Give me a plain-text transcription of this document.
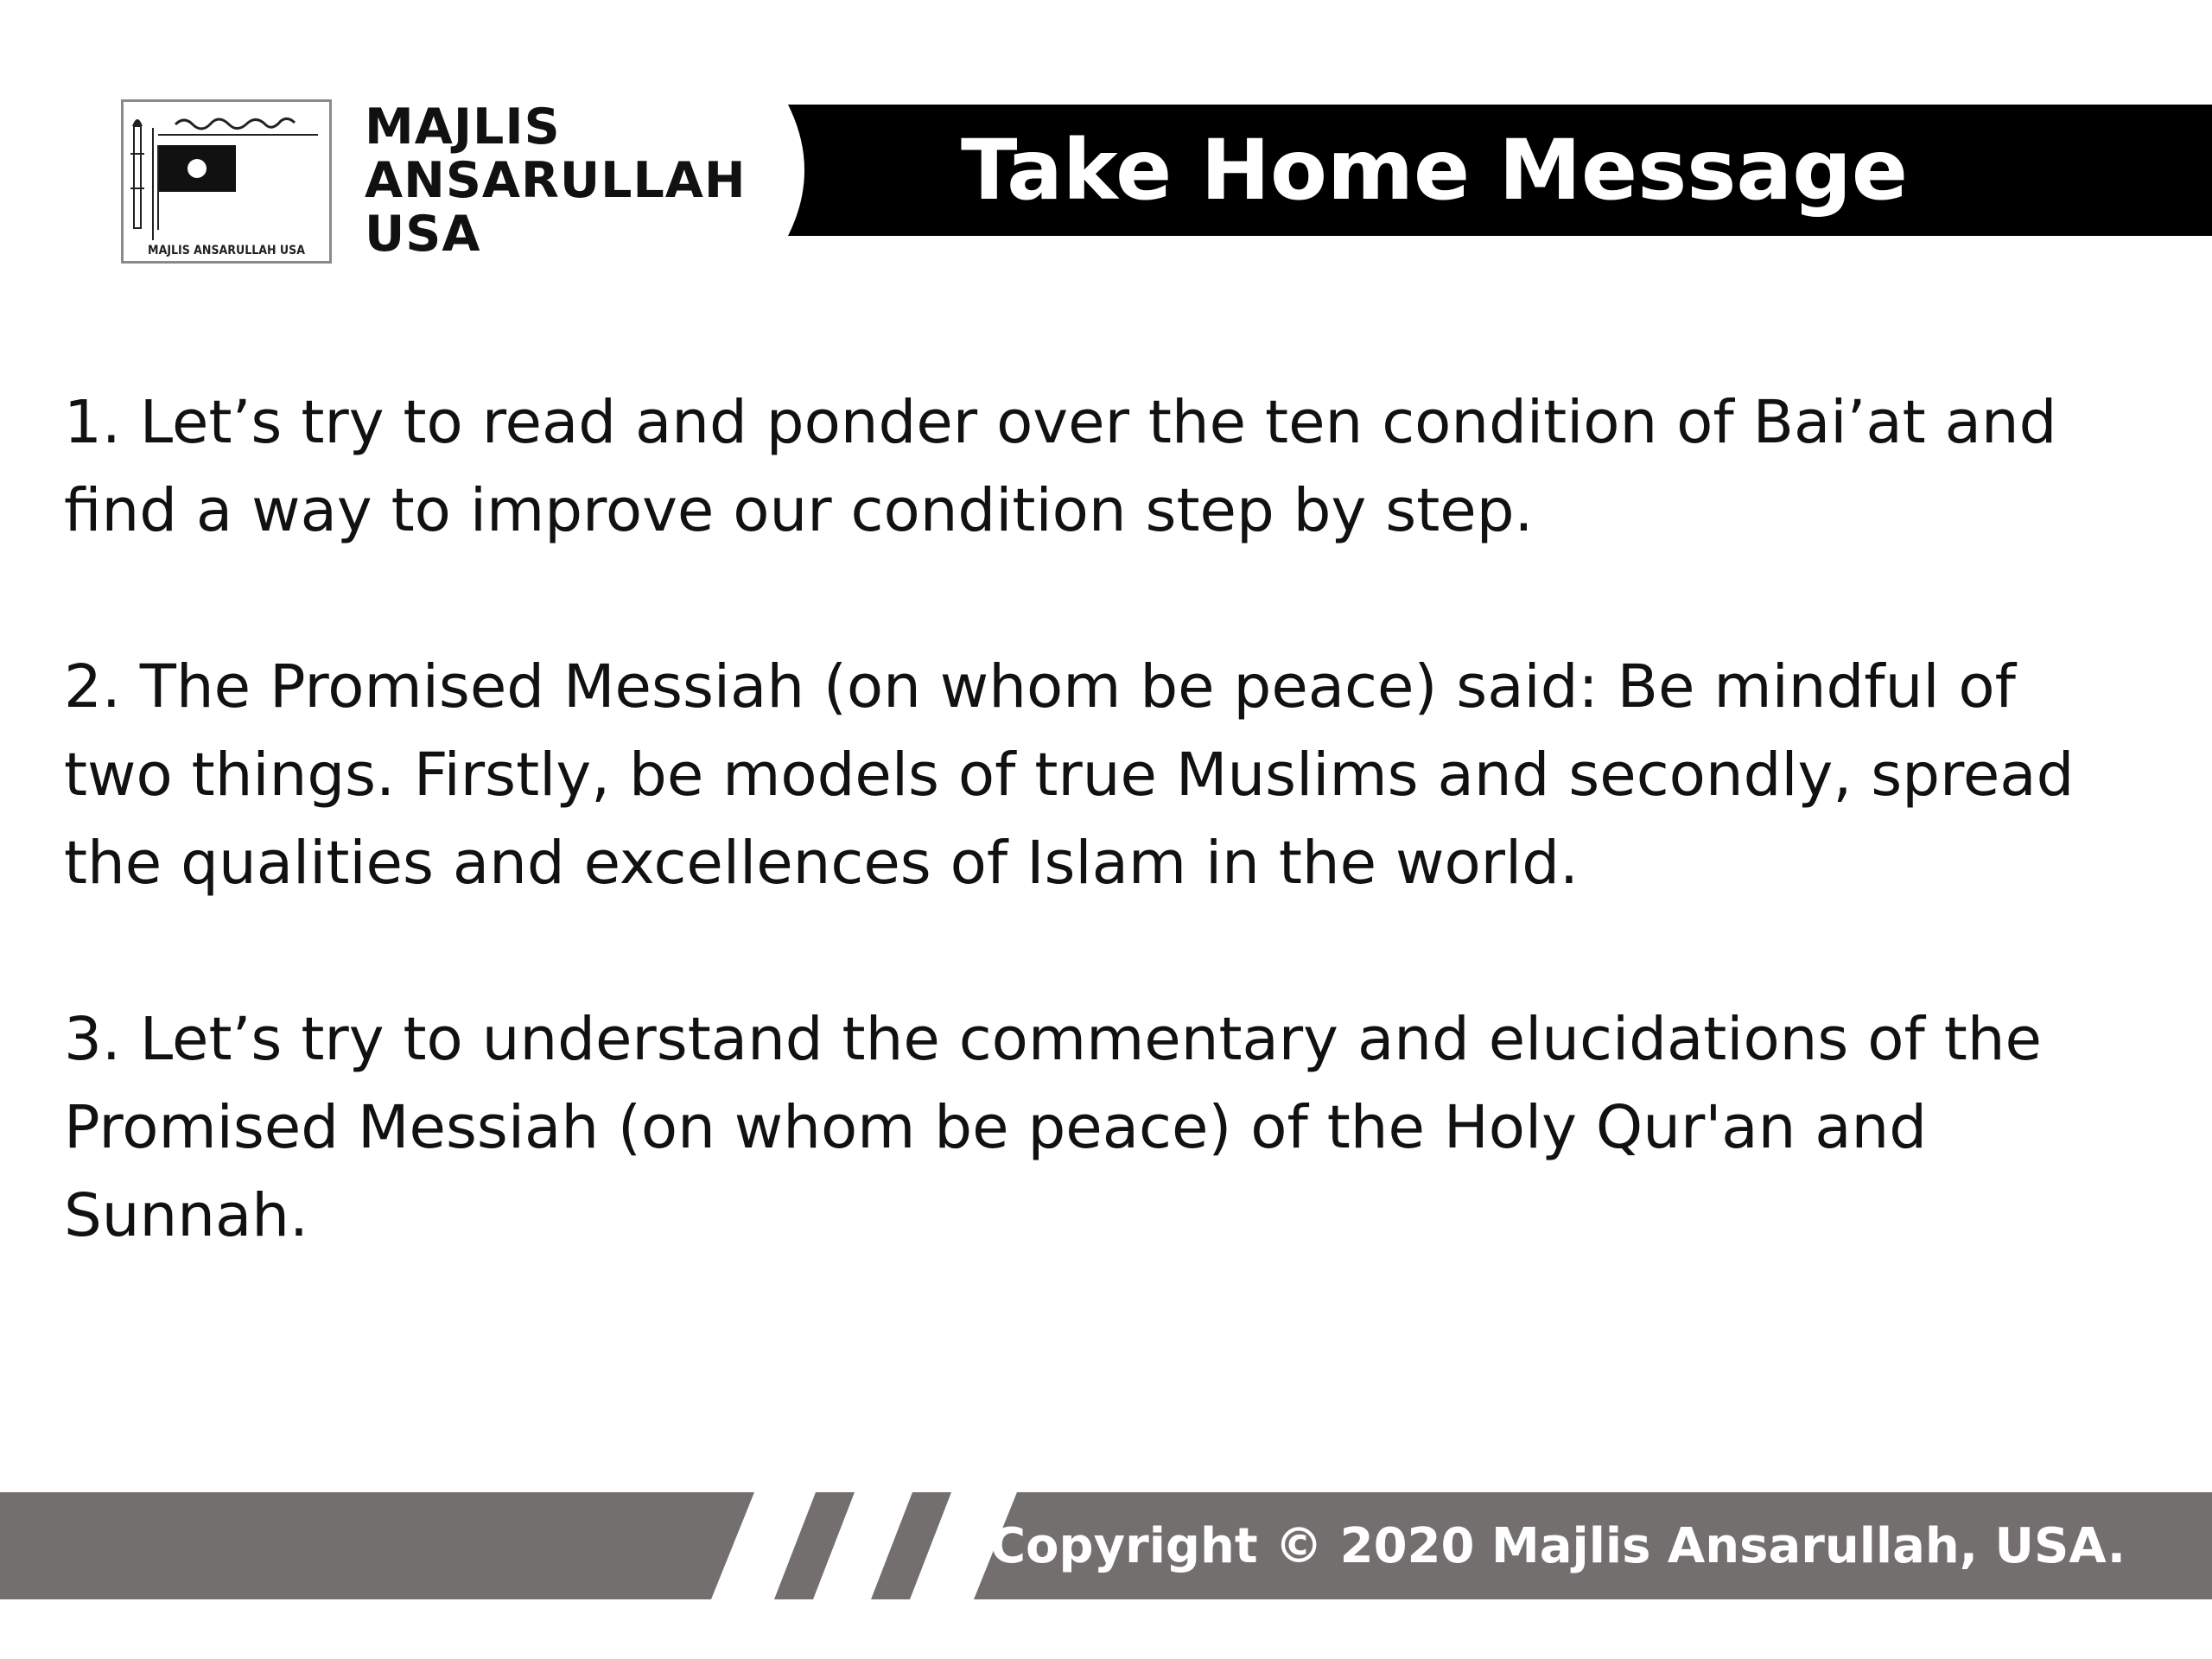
Take Home Message
MAJLIS ANSARULLAH USA
MAJLIS
ANSARULLAH
USA

1. Let’s try to read and ponder over the ten condition of Bai’at and find a way to improve our condition step by step.

2. The Promised Messiah (on whom be peace) said: Be mindful of two things. Firstly, be models of true Muslims and secondly, spread the qualities and excellences of Islam in the world.

3. Let’s try to understand the commentary and elucidations of the Promised Messiah (on whom be peace) of the Holy Qur'an and Sunnah.

Copyright © 2020 Majlis Ansarullah, USA.
